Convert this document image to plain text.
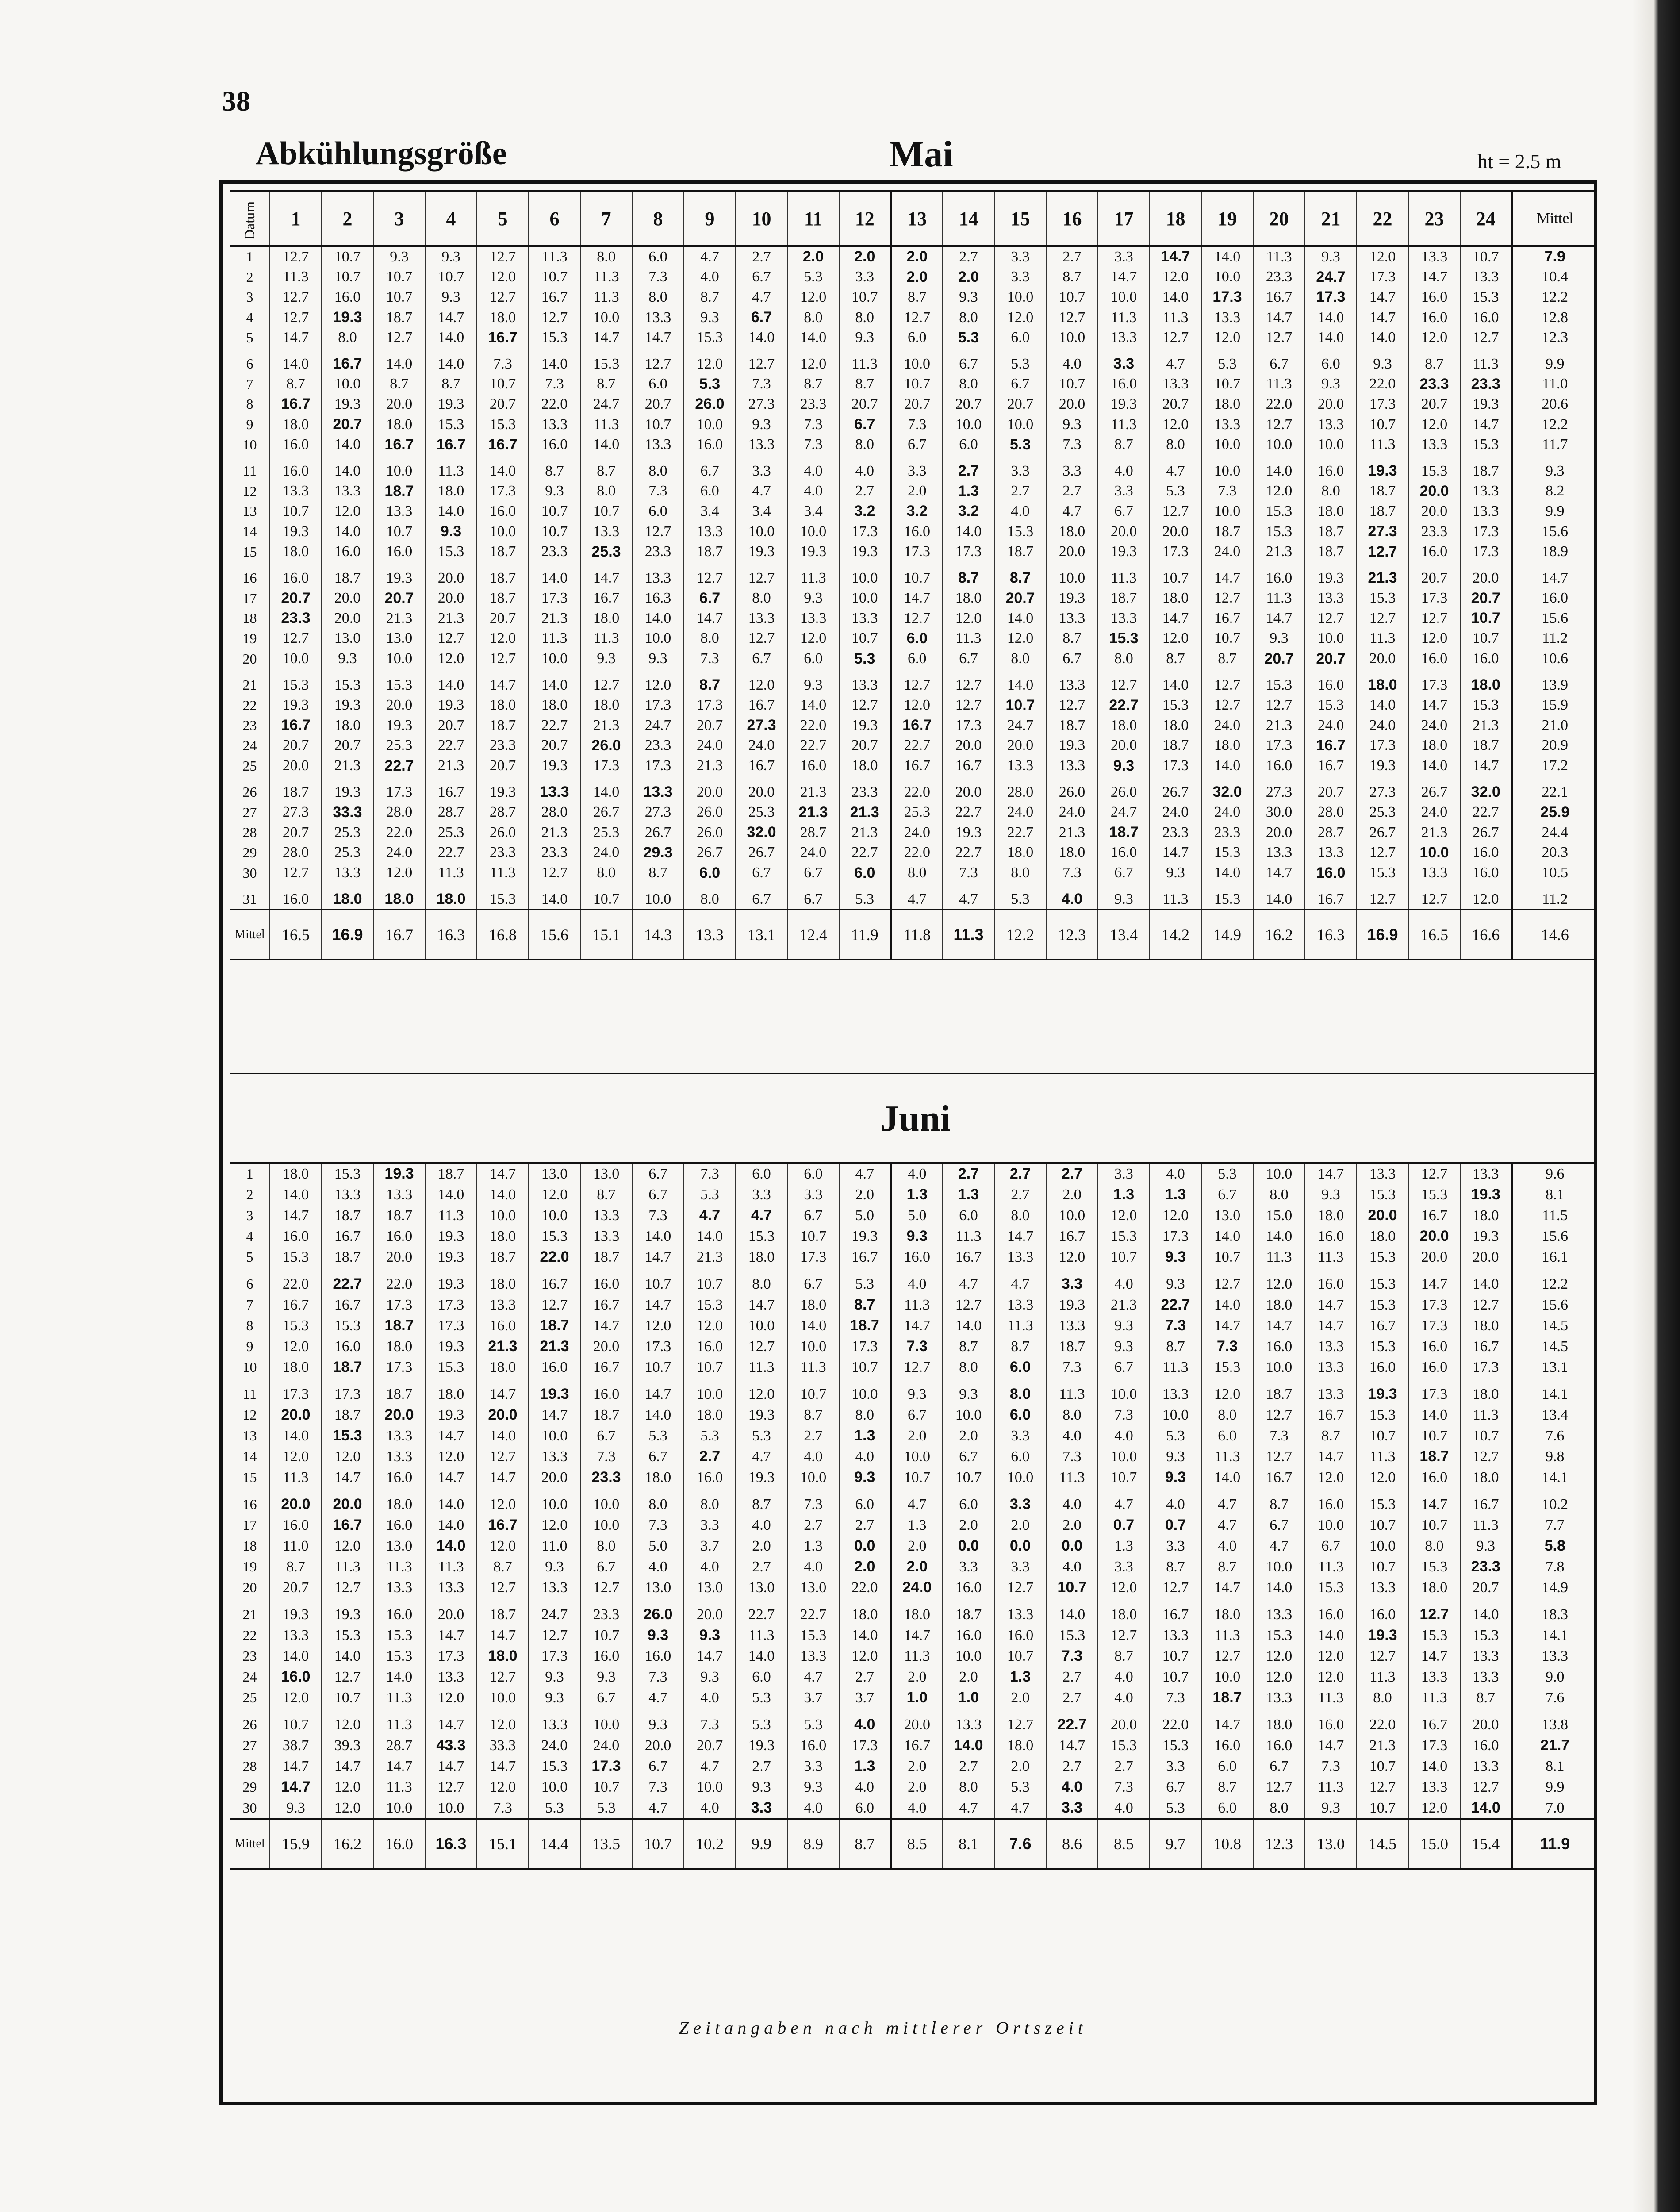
38
Abkühlungsgröße	Mai	ht = 2.5 m
Datum	1	2	3	4	5	6	7	8	9	10	11	12	13	14	15	16	17	18	19	20	21	22	23	24	Mittel
1	12.7	10.7	9.3	9.3	12.7	11.3	8.0	6.0	4.7	2.7	2.0	2.0	2.0	2.7	3.3	2.7	3.3	14.7	14.0	11.3	9.3	12.0	13.3	10.7	7.9
2	11.3	10.7	10.7	10.7	12.0	10.7	11.3	7.3	4.0	6.7	5.3	3.3	2.0	2.0	3.3	8.7	14.7	12.0	10.0	23.3	24.7	17.3	14.7	13.3	10.4
3	12.7	16.0	10.7	9.3	12.7	16.7	11.3	8.0	8.7	4.7	12.0	10.7	8.7	9.3	10.0	10.7	10.0	14.0	17.3	16.7	17.3	14.7	16.0	15.3	12.2
4	12.7	19.3	18.7	14.7	18.0	12.7	10.0	13.3	9.3	6.7	8.0	8.0	12.7	8.0	12.0	12.7	11.3	11.3	13.3	14.7	14.0	14.7	16.0	16.0	12.8
5	14.7	8.0	12.7	14.0	16.7	15.3	14.7	14.7	15.3	14.0	14.0	9.3	6.0	5.3	6.0	10.0	13.3	12.7	12.0	12.7	14.0	14.0	12.0	12.7	12.3
6	14.0	16.7	14.0	14.0	7.3	14.0	15.3	12.7	12.0	12.7	12.0	11.3	10.0	6.7	5.3	4.0	3.3	4.7	5.3	6.7	6.0	9.3	8.7	11.3	9.9
7	8.7	10.0	8.7	8.7	10.7	7.3	8.7	6.0	5.3	7.3	8.7	8.7	10.7	8.0	6.7	10.7	16.0	13.3	10.7	11.3	9.3	22.0	23.3	23.3	11.0
8	16.7	19.3	20.0	19.3	20.7	22.0	24.7	20.7	26.0	27.3	23.3	20.7	20.7	20.7	20.7	20.0	19.3	20.7	18.0	22.0	20.0	17.3	20.7	19.3	20.6
9	18.0	20.7	18.0	15.3	15.3	13.3	11.3	10.7	10.0	9.3	7.3	6.7	7.3	10.0	10.0	9.3	11.3	12.0	13.3	12.7	13.3	10.7	12.0	14.7	12.2
10	16.0	14.0	16.7	16.7	16.7	16.0	14.0	13.3	16.0	13.3	7.3	8.0	6.7	6.0	5.3	7.3	8.7	8.0	10.0	10.0	10.0	11.3	13.3	15.3	11.7
11	16.0	14.0	10.0	11.3	14.0	8.7	8.7	8.0	6.7	3.3	4.0	4.0	3.3	2.7	3.3	3.3	4.0	4.7	10.0	14.0	16.0	19.3	15.3	18.7	9.3
12	13.3	13.3	18.7	18.0	17.3	9.3	8.0	7.3	6.0	4.7	4.0	2.7	2.0	1.3	2.7	2.7	3.3	5.3	7.3	12.0	8.0	18.7	20.0	13.3	8.2
13	10.7	12.0	13.3	14.0	16.0	10.7	10.7	6.0	3.4	3.4	3.4	3.2	3.2	3.2	4.0	4.7	6.7	12.7	10.0	15.3	18.0	18.7	20.0	13.3	9.9
14	19.3	14.0	10.7	9.3	10.0	10.7	13.3	12.7	13.3	10.0	10.0	17.3	16.0	14.0	15.3	18.0	20.0	20.0	18.7	15.3	18.7	27.3	23.3	17.3	15.6
15	18.0	16.0	16.0	15.3	18.7	23.3	25.3	23.3	18.7	19.3	19.3	19.3	17.3	17.3	18.7	20.0	19.3	17.3	24.0	21.3	18.7	12.7	16.0	17.3	18.9
16	16.0	18.7	19.3	20.0	18.7	14.0	14.7	13.3	12.7	12.7	11.3	10.0	10.7	8.7	8.7	10.0	11.3	10.7	14.7	16.0	19.3	21.3	20.7	20.0	14.7
17	20.7	20.0	20.7	20.0	18.7	17.3	16.7	16.3	6.7	8.0	9.3	10.0	14.7	18.0	20.7	19.3	18.7	18.0	12.7	11.3	13.3	15.3	17.3	20.7	16.0
18	23.3	20.0	21.3	21.3	20.7	21.3	18.0	14.0	14.7	13.3	13.3	13.3	12.7	12.0	14.0	13.3	13.3	14.7	16.7	14.7	12.7	12.7	12.7	10.7	15.6
19	12.7	13.0	13.0	12.7	12.0	11.3	11.3	10.0	8.0	12.7	12.0	10.7	6.0	11.3	12.0	8.7	15.3	12.0	10.7	9.3	10.0	11.3	12.0	10.7	11.2
20	10.0	9.3	10.0	12.0	12.7	10.0	9.3	9.3	7.3	6.7	6.0	5.3	6.0	6.7	8.0	6.7	8.0	8.7	8.7	20.7	20.7	20.0	16.0	16.0	10.6
21	15.3	15.3	15.3	14.0	14.7	14.0	12.7	12.0	8.7	12.0	9.3	13.3	12.7	12.7	14.0	13.3	12.7	14.0	12.7	15.3	16.0	18.0	17.3	18.0	13.9
22	19.3	19.3	20.0	19.3	18.0	18.0	18.0	17.3	17.3	16.7	14.0	12.7	12.0	12.7	10.7	12.7	22.7	15.3	12.7	12.7	15.3	14.0	14.7	15.3	15.9
23	16.7	18.0	19.3	20.7	18.7	22.7	21.3	24.7	20.7	27.3	22.0	19.3	16.7	17.3	24.7	18.7	18.0	18.0	24.0	21.3	24.0	24.0	24.0	21.3	21.0
24	20.7	20.7	25.3	22.7	23.3	20.7	26.0	23.3	24.0	24.0	22.7	20.7	22.7	20.0	20.0	19.3	20.0	18.7	18.0	17.3	16.7	17.3	18.0	18.7	20.9
25	20.0	21.3	22.7	21.3	20.7	19.3	17.3	17.3	21.3	16.7	16.0	18.0	16.7	16.7	13.3	13.3	9.3	17.3	14.0	16.0	16.7	19.3	14.0	14.7	17.2
26	18.7	19.3	17.3	16.7	19.3	13.3	14.0	13.3	20.0	20.0	21.3	23.3	22.0	20.0	28.0	26.0	26.0	26.7	32.0	27.3	20.7	27.3	26.7	32.0	22.1
27	27.3	33.3	28.0	28.7	28.7	28.0	26.7	27.3	26.0	25.3	21.3	21.3	25.3	22.7	24.0	24.0	24.7	24.0	24.0	30.0	28.0	25.3	24.0	22.7	25.9
28	20.7	25.3	22.0	25.3	26.0	21.3	25.3	26.7	26.0	32.0	28.7	21.3	24.0	19.3	22.7	21.3	18.7	23.3	23.3	20.0	28.7	26.7	21.3	26.7	24.4
29	28.0	25.3	24.0	22.7	23.3	23.3	24.0	29.3	26.7	26.7	24.0	22.7	22.0	22.7	18.0	18.0	16.0	14.7	15.3	13.3	13.3	12.7	10.0	16.0	20.3
30	12.7	13.3	12.0	11.3	11.3	12.7	8.0	8.7	6.0	6.7	6.7	6.0	8.0	7.3	8.0	7.3	6.7	9.3	14.0	14.7	16.0	15.3	13.3	16.0	10.5
31	16.0	18.0	18.0	18.0	15.3	14.0	10.7	10.0	8.0	6.7	6.7	5.3	4.7	4.7	5.3	4.0	9.3	11.3	15.3	14.0	16.7	12.7	12.7	12.0	11.2
Mittel	16.5	16.9	16.7	16.3	16.8	15.6	15.1	14.3	13.3	13.1	12.4	11.9	11.8	11.3	12.2	12.3	13.4	14.2	14.9	16.2	16.3	16.9	16.5	16.6	14.6
Juni
1	18.0	15.3	19.3	18.7	14.7	13.0	13.0	6.7	7.3	6.0	6.0	4.7	4.0	2.7	2.7	2.7	3.3	4.0	5.3	10.0	14.7	13.3	12.7	13.3	9.6
2	14.0	13.3	13.3	14.0	14.0	12.0	8.7	6.7	5.3	3.3	3.3	2.0	1.3	1.3	2.7	2.0	1.3	1.3	6.7	8.0	9.3	15.3	15.3	19.3	8.1
3	14.7	18.7	18.7	11.3	10.0	10.0	13.3	7.3	4.7	4.7	6.7	5.0	5.0	6.0	8.0	10.0	12.0	12.0	13.0	15.0	18.0	20.0	16.7	18.0	11.5
4	16.0	16.7	16.0	19.3	18.0	15.3	13.3	14.0	14.0	15.3	10.7	19.3	9.3	11.3	14.7	16.7	15.3	17.3	14.0	14.0	16.0	18.0	20.0	19.3	15.6
5	15.3	18.7	20.0	19.3	18.7	22.0	18.7	14.7	21.3	18.0	17.3	16.7	16.0	16.7	13.3	12.0	10.7	9.3	10.7	11.3	11.3	15.3	20.0	20.0	16.1
6	22.0	22.7	22.0	19.3	18.0	16.7	16.0	10.7	10.7	8.0	6.7	5.3	4.0	4.7	4.7	3.3	4.0	9.3	12.7	12.0	16.0	15.3	14.7	14.0	12.2
7	16.7	16.7	17.3	17.3	13.3	12.7	16.7	14.7	15.3	14.7	18.0	8.7	11.3	12.7	13.3	19.3	21.3	22.7	14.0	18.0	14.7	15.3	17.3	12.7	15.6
8	15.3	15.3	18.7	17.3	16.0	18.7	14.7	12.0	12.0	10.0	14.0	18.7	14.7	14.0	11.3	13.3	9.3	7.3	14.7	14.7	14.7	16.7	17.3	18.0	14.5
9	12.0	16.0	18.0	19.3	21.3	21.3	20.0	17.3	16.0	12.7	10.0	17.3	7.3	8.7	8.7	18.7	9.3	8.7	7.3	16.0	13.3	15.3	16.0	16.7	14.5
10	18.0	18.7	17.3	15.3	18.0	16.0	16.7	10.7	10.7	11.3	11.3	10.7	12.7	8.0	6.0	7.3	6.7	11.3	15.3	10.0	13.3	16.0	16.0	17.3	13.1
11	17.3	17.3	18.7	18.0	14.7	19.3	16.0	14.7	10.0	12.0	10.7	10.0	9.3	9.3	8.0	11.3	10.0	13.3	12.0	18.7	13.3	19.3	17.3	18.0	14.1
12	20.0	18.7	20.0	19.3	20.0	14.7	18.7	14.0	18.0	19.3	8.7	8.0	6.7	10.0	6.0	8.0	7.3	10.0	8.0	12.7	16.7	15.3	14.0	11.3	13.4
13	14.0	15.3	13.3	14.7	14.0	10.0	6.7	5.3	5.3	5.3	2.7	1.3	2.0	2.0	3.3	4.0	4.0	5.3	6.0	7.3	8.7	10.7	10.7	10.7	7.6
14	12.0	12.0	13.3	12.0	12.7	13.3	7.3	6.7	2.7	4.7	4.0	4.0	10.0	6.7	6.0	7.3	10.0	9.3	11.3	12.7	14.7	11.3	18.7	12.7	9.8
15	11.3	14.7	16.0	14.7	14.7	20.0	23.3	18.0	16.0	19.3	10.0	9.3	10.7	10.7	10.0	11.3	10.7	9.3	14.0	16.7	12.0	12.0	16.0	18.0	14.1
16	20.0	20.0	18.0	14.0	12.0	10.0	10.0	8.0	8.0	8.7	7.3	6.0	4.7	6.0	3.3	4.0	4.7	4.0	4.7	8.7	16.0	15.3	14.7	16.7	10.2
17	16.0	16.7	16.0	14.0	16.7	12.0	10.0	7.3	3.3	4.0	2.7	2.7	1.3	2.0	2.0	2.0	0.7	0.7	4.7	6.7	10.0	10.7	10.7	11.3	7.7
18	11.0	12.0	13.0	14.0	12.0	11.0	8.0	5.0	3.7	2.0	1.3	0.0	2.0	0.0	0.0	0.0	1.3	3.3	4.0	4.7	6.7	10.0	8.0	9.3	5.8
19	8.7	11.3	11.3	11.3	8.7	9.3	6.7	4.0	4.0	2.7	4.0	2.0	2.0	3.3	3.3	4.0	3.3	8.7	8.7	10.0	11.3	10.7	15.3	23.3	7.8
20	20.7	12.7	13.3	13.3	12.7	13.3	12.7	13.0	13.0	13.0	13.0	22.0	24.0	16.0	12.7	10.7	12.0	12.7	14.7	14.0	15.3	13.3	18.0	20.7	14.9
21	19.3	19.3	16.0	20.0	18.7	24.7	23.3	26.0	20.0	22.7	22.7	18.0	18.0	18.7	13.3	14.0	18.0	16.7	18.0	13.3	16.0	16.0	12.7	14.0	18.3
22	13.3	15.3	15.3	14.7	14.7	12.7	10.7	9.3	9.3	11.3	15.3	14.0	14.7	16.0	16.0	15.3	12.7	13.3	11.3	15.3	14.0	19.3	15.3	15.3	14.1
23	14.0	14.0	15.3	17.3	18.0	17.3	16.0	16.0	14.7	14.0	13.3	12.0	11.3	10.0	10.7	7.3	8.7	10.7	12.7	12.0	12.0	12.7	14.7	13.3	13.3
24	16.0	12.7	14.0	13.3	12.7	9.3	9.3	7.3	9.3	6.0	4.7	2.7	2.0	2.0	1.3	2.7	4.0	10.7	10.0	12.0	12.0	11.3	13.3	13.3	9.0
25	12.0	10.7	11.3	12.0	10.0	9.3	6.7	4.7	4.0	5.3	3.7	3.7	1.0	1.0	2.0	2.7	4.0	7.3	18.7	13.3	11.3	8.0	11.3	8.7	7.6
26	10.7	12.0	11.3	14.7	12.0	13.3	10.0	9.3	7.3	5.3	5.3	4.0	20.0	13.3	12.7	22.7	20.0	22.0	14.7	18.0	16.0	22.0	16.7	20.0	13.8
27	38.7	39.3	28.7	43.3	33.3	24.0	24.0	20.0	20.7	19.3	16.0	17.3	16.7	14.0	18.0	14.7	15.3	15.3	16.0	16.0	14.7	21.3	17.3	16.0	21.7
28	14.7	14.7	14.7	14.7	14.7	15.3	17.3	6.7	4.7	2.7	3.3	1.3	2.0	2.7	2.0	2.7	2.7	3.3	6.0	6.7	7.3	10.7	14.0	13.3	8.1
29	14.7	12.0	11.3	12.7	12.0	10.0	10.7	7.3	10.0	9.3	9.3	4.0	2.0	8.0	5.3	4.0	7.3	6.7	8.7	12.7	11.3	12.7	13.3	12.7	9.9
30	9.3	12.0	10.0	10.0	7.3	5.3	5.3	4.7	4.0	3.3	4.0	6.0	4.0	4.7	4.7	3.3	4.0	5.3	6.0	8.0	9.3	10.7	12.0	14.0	7.0
Mittel	15.9	16.2	16.0	16.3	15.1	14.4	13.5	10.7	10.2	9.9	8.9	8.7	8.5	8.1	7.6	8.6	8.5	9.7	10.8	12.3	13.0	14.5	15.0	15.4	11.9
Zeitangaben nach mittlerer Ortszeit
